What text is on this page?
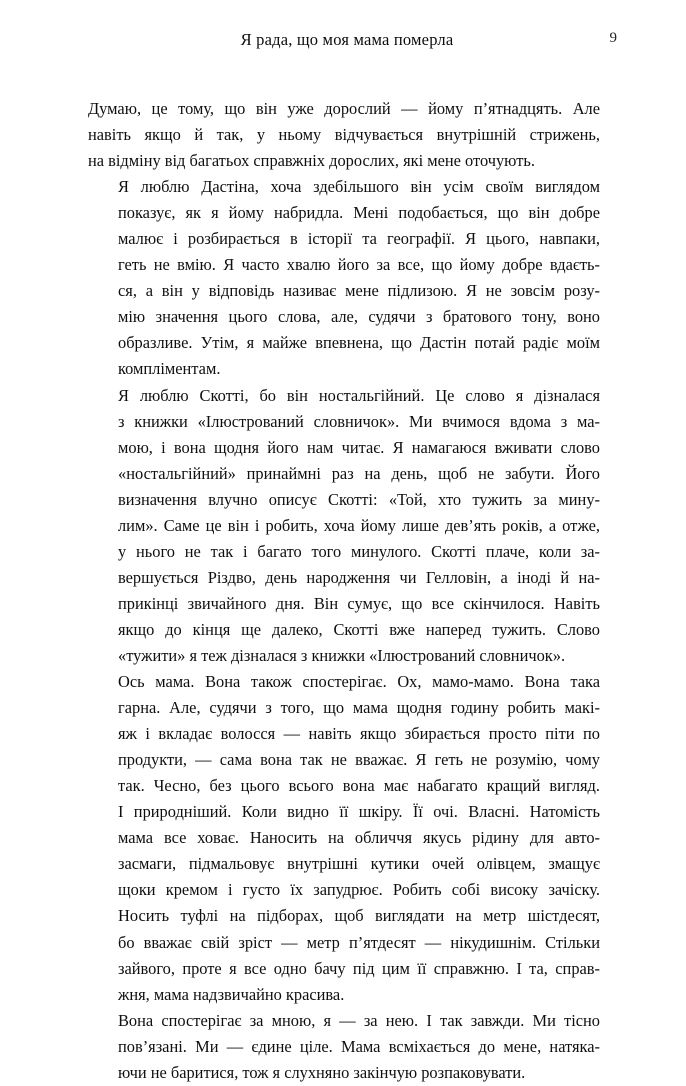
Я рада, що моя мама померла	9

Думаю, це тому, що він уже дорослий — йому п’ятнадцять. Але
навіть якщо й так, у ньому відчувається внутрішній стрижень,
на відміну від багатьох справжніх дорослих, які мене оточують.

Я люблю Дастіна, хоча здебільшого він усім своїм виглядом
показує, як я йому набридла. Мені подобається, що він добре
малює і розбирається в історії та географії. Я цього, навпаки,
геть не вмію. Я часто хвалю його за все, що йому добре вдаєть-
ся, а він у відповідь називає мене підлизою. Я не зовсім розу-
мію значення цього слова, але, судячи з братового тону, воно
образливе. Утім, я майже впевнена, що Дастін потай радіє моїм
компліментам.

Я люблю Скотті, бо він ностальгійний. Це слово я дізналася
з книжки «Ілюстрований словничок». Ми вчимося вдома з ма-
мою, і вона щодня його нам читає. Я намагаюся вживати слово
«ностальгійний» принаймні раз на день, щоб не забути. Його
визначення влучно описує Скотті: «Той, хто тужить за мину-
лим». Саме це він і робить, хоча йому лише дев’ять років, а отже,
у нього не так і багато того минулого. Скотті плаче, коли за-
вершується Різдво, день народження чи Гелловін, а іноді й на-
прикінці звичайного дня. Він сумує, що все скінчилося. Навіть
якщо до кінця ще далеко, Скотті вже наперед тужить. Слово
«тужити» я теж дізналася з книжки «Ілюстрований словничок».

Ось мама. Вона також спостерігає. Ох, мамо-мамо. Вона така
гарна. Але, судячи з того, що мама щодня годину робить макі-
яж і вкладає волосся — навіть якщо збирається просто піти по
продукти, — сама вона так не вважає. Я геть не розумію, чому
так. Чесно, без цього всього вона має набагато кращий вигляд.
І природніший. Коли видно її шкіру. Її очі. Власні. Натомість
мама все ховає. Наносить на обличчя якусь рідину для авто-
засмаги, підмальовує внутрішні кутики очей олівцем, змащує
щоки кремом і густо їх запудрює. Робить собі високу зачіску.
Носить туфлі на підборах, щоб виглядати на метр шістдесят,
бо вважає свій зріст — метр п’ятдесят — нікудишнім. Стільки
зайвого, проте я все одно бачу під цим її справжню. І та, справ-
жня, мама надзвичайно красива.

Вона спостерігає за мною, я — за нею. І так завжди. Ми тісно
пов’язані. Ми — єдине ціле. Мама всміхається до мене, натяка-
ючи не баритися, тож я слухняно закінчую розпаковувати.
